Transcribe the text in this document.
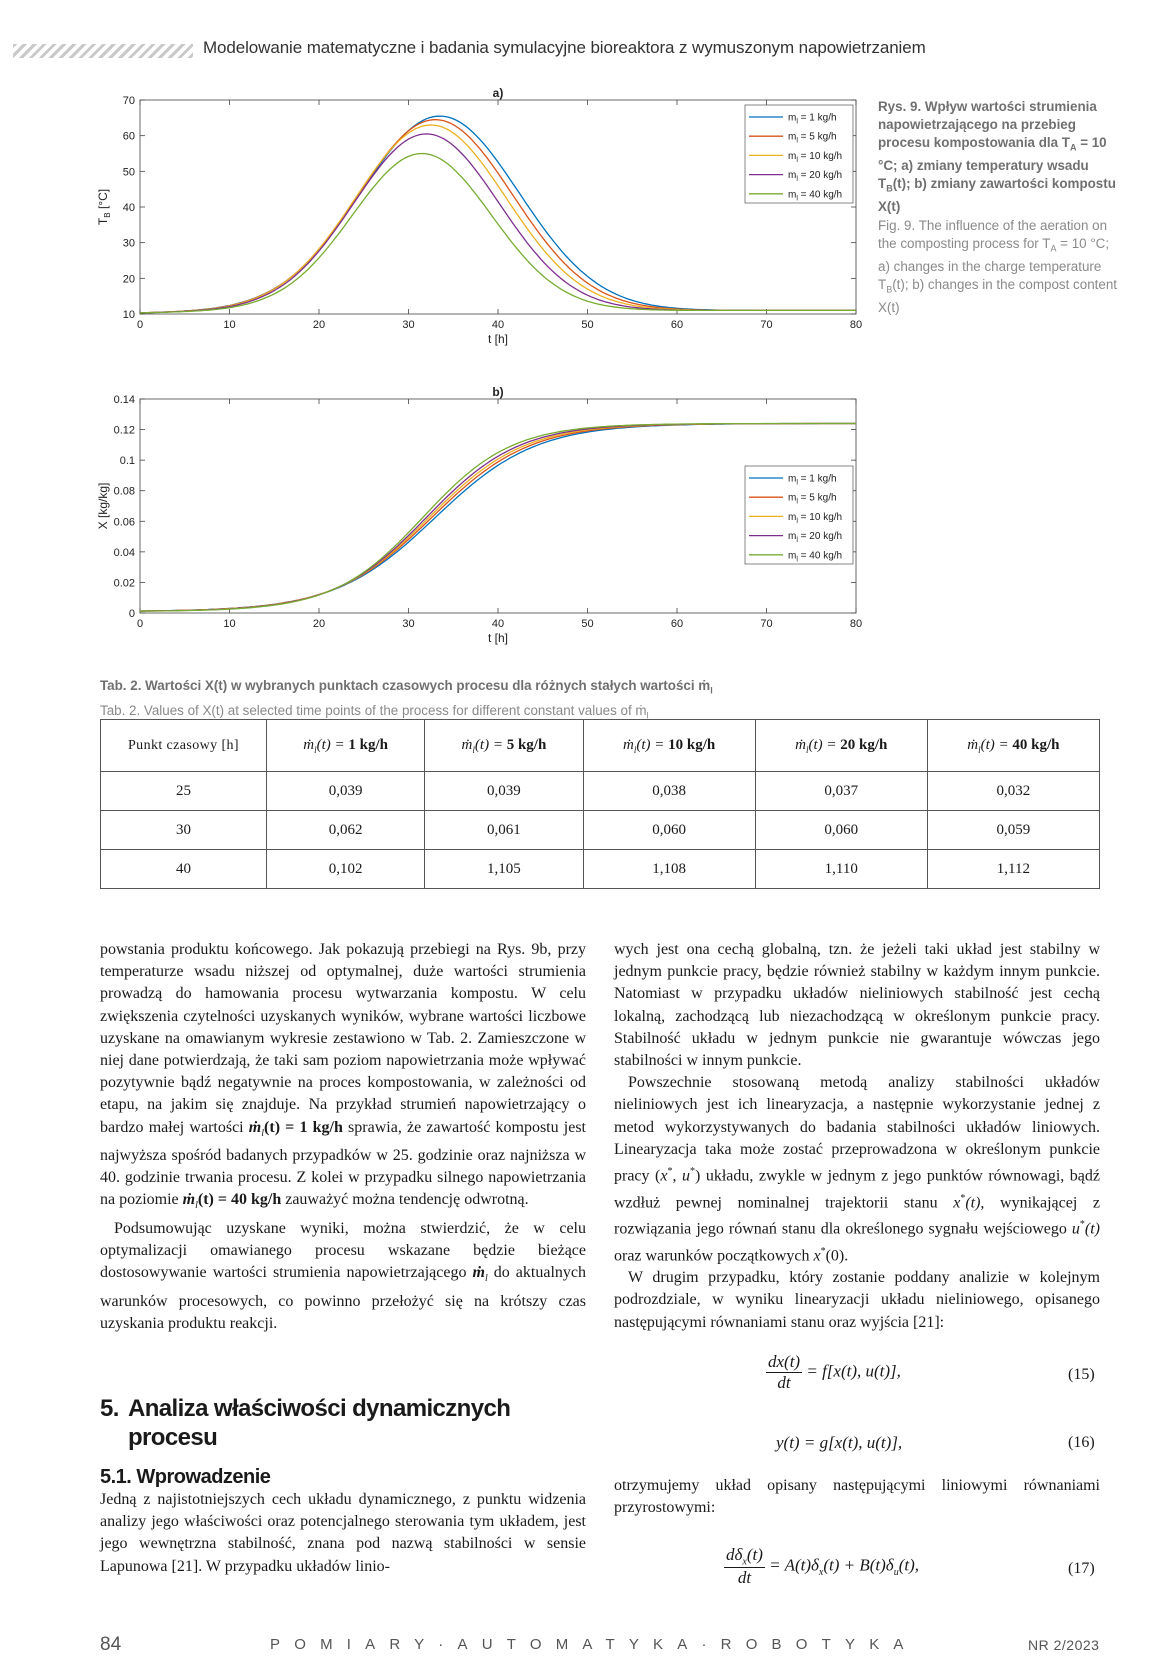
Modelowanie matematyczne i badania symulacyjne bioreaktora z wymuszonym napowietrzaniem
a)
0	10	20	30	40	50	60	70	80
10
20
30
40
50
60
70
t [h]
$T_B$ [°C]
$m_l = 1$ kg/h
$m_l = 5$ kg/h
$m_l = 10$ kg/h
$m_l = 20$ kg/h
$m_l = 40$ kg/h
b)
0	10	20	30	40	50	60	70	80
0
0.02
0.04
0.06
0.08
0.1
0.12
0.14
t [h]
X [kg/kg]
$m_l = 1$ kg/h
$m_l = 5$ kg/h
$m_l = 10$ kg/h
$m_l = 20$ kg/h
$m_l = 40$ kg/h
Rys. 9. Wpływ wartości strumienia napowietrzającego na przebieg procesu kompostowania dla $T_A = 10$ °C; a) zmiany temperatury wsadu $T_B(t)$; b) zmiany zawartości kompostu X(t)
Fig. 9. The influence of the aeration on the composting process for $T_A = 10$ °C; a) changes in the charge temperature $T_B(t)$; b) changes in the compost content X(t)
Tab. 2. Wartości X(t) w wybranych punktach czasowych procesu dla różnych stałych wartości ṁ$_l$
Tab. 2. Values of X(t) at selected time points of the process for different constant values of ṁ$_l$
Punkt czasowy [h]	ṁ$_l$(t) = 1 kg/h	ṁ$_l$(t) = 5 kg/h	ṁ$_l$(t) = 10 kg/h	ṁ$_l$(t) = 20 kg/h	ṁ$_l$(t) = 40 kg/h
25	0,039	0,039	0,038	0,037	0,032
30	0,062	0,061	0,060	0,060	0,059
40	0,102	1,105	1,108	1,110	1,112

powstania produktu końcowego. Jak pokazują przebiegi na Rys. 9b, przy temperaturze wsadu niższej od optymalnej, duże wartości strumienia prowadzą do hamowania procesu wytwarzania kompostu. W celu zwiększenia czytelności uzyskanych wyników, wybrane wartości liczbowe uzyskane na omawianym wykresie zestawiono w Tab. 2. Zamieszczone w niej dane potwierdzają, że taki sam poziom napowietrzania może wpływać pozytywnie bądź negatywnie na proces kompostowania, w zależności od etapu, na jakim się znajduje. Na przykład strumień napowietrzający o bardzo małej wartości ṁ$_l$(t) = 1 kg/h sprawia, że zawartość kompostu jest najwyższa spośród badanych przypadków w 25. godzinie oraz najniższa w 40. godzinie trwania procesu. Z kolei w przypadku silnego napowietrzania na poziomie ṁ$_l$(t) = 40 kg/h zauważyć można tendencję odwrotną.

Podsumowując uzyskane wyniki, można stwierdzić, że w celu optymalizacji omawianego procesu wskazane będzie bieżące dostosowywanie wartości strumienia napowietrzającego ṁ$_l$ do aktualnych warunków procesowych, co powinno przełożyć się na krótszy czas uzyskania produktu reakcji.

5. Analiza właściwości dynamicznych
procesu
5.1. Wprowadzenie

Jedną z najistotniejszych cech układu dynamicznego, z punktu widzenia analizy jego właściwości oraz potencjalnego sterowania tym układem, jest jego wewnętrzna stabilność, znana pod nazwą stabilności w sensie Lapunowa [21]. W przypadku układów linio-

wych jest ona cechą globalną, tzn. że jeżeli taki układ jest stabilny w jednym punkcie pracy, będzie również stabilny w każdym innym punkcie. Natomiast w przypadku układów nieliniowych stabilność jest cechą lokalną, zachodzącą lub niezachodzącą w określonym punkcie pracy. Stabilność układu w jednym punkcie nie gwarantuje wówczas jego stabilności w innym punkcie.

Powszechnie stosowaną metodą analizy stabilności układów nieliniowych jest ich linearyzacja, a następnie wykorzystanie jednej z metod wykorzystywanych do badania stabilności układów liniowych. Linearyzacja taka może zostać przeprowadzona w określonym punkcie pracy (x*, u*) układu, zwykle w jednym z jego punktów równowagi, bądź wzdłuż pewnej nominalnej trajektorii stanu x*(t), wynikającej z rozwiązania jego równań stanu dla określonego sygnału wejściowego u*(t) oraz warunków początkowych x*(0).

W drugim przypadku, który zostanie poddany analizie w kolejnym podrozdziale, w wyniku linearyzacji układu nieliniowego, opisanego następującymi równaniami stanu oraz wyjścia [21]:

$\frac{dx(t)}{dt} = f[x(t)$, u(t)],	(15)
y(t) = g[x(t), u(t)],	(16)

otrzymujemy układ opisany następującymi liniowymi równaniami przyrostowymi:

$\frac{d\delta_x(t)}{dt} = A(t)\delta_x(t) + B(t)\delta_u(t)$,	(17)
84	POMIARY·AUTOMATYKA·ROBOTYKA	NR 2/2023
